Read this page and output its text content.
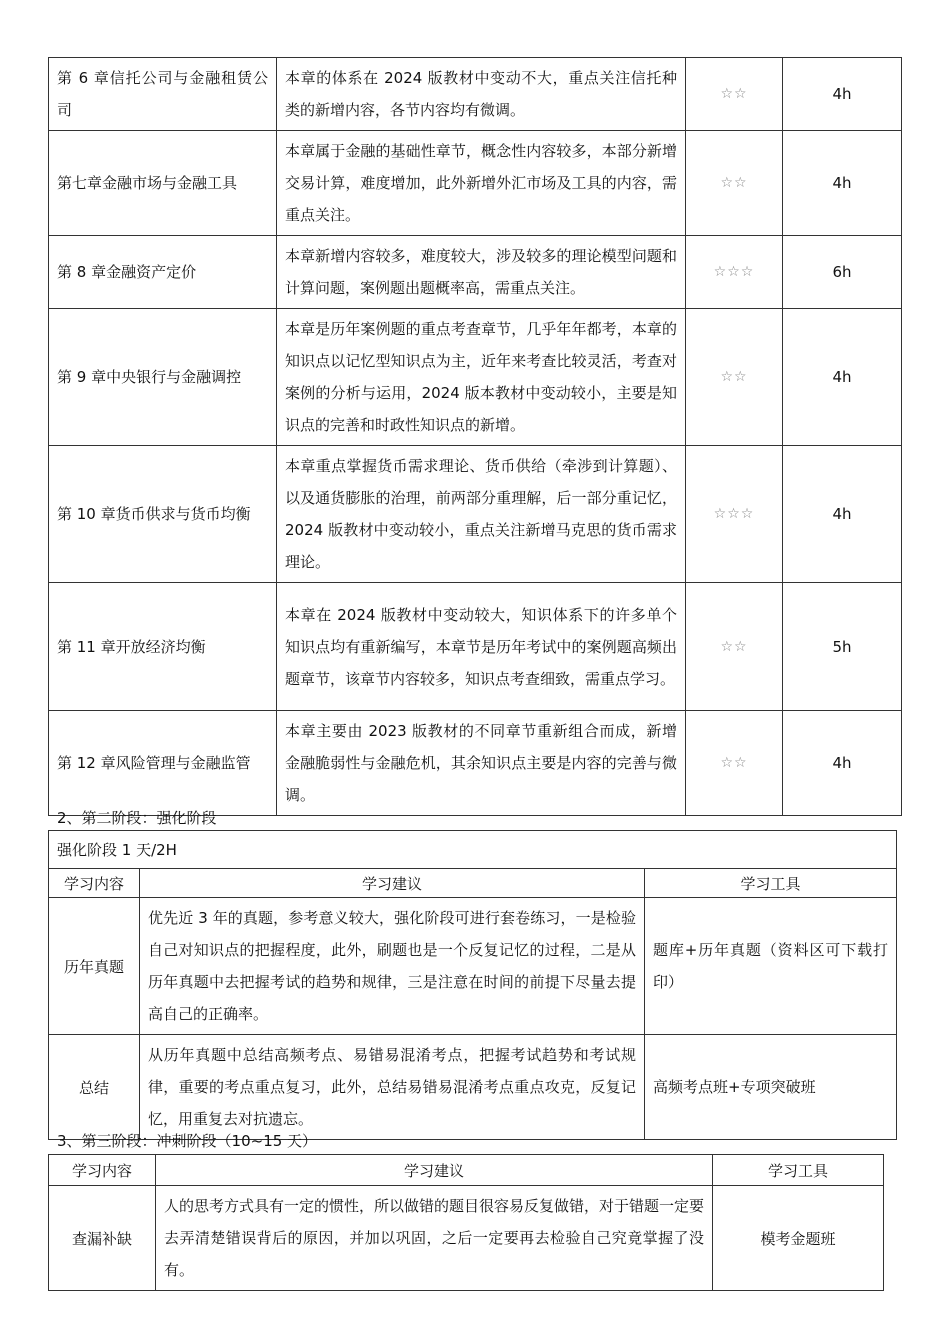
第 6 章信托公司与金融租赁公司	本章的体系在 2024 版教材中变动不大，重点关注信托种类的新增内容，各节内容均有微调。	☆☆	4h
第七章金融市场与金融工具	本章属于金融的基础性章节，概念性内容较多，本部分新增交易计算，难度增加，此外新增外汇市场及工具的内容，需重点关注。	☆☆	4h
第 8 章金融资产定价	本章新增内容较多，难度较大，涉及较多的理论模型问题和计算问题，案例题出题概率高，需重点关注。	☆☆☆	6h
第 9 章中央银行与金融调控	本章是历年案例题的重点考查章节，几乎年年都考，本章的知识点以记忆型知识点为主，近年来考查比较灵活，考查对案例的分析与运用，2024 版本教材中变动较小，主要是知识点的完善和时政性知识点的新增。	☆☆	4h
第 10 章货币供求与货币均衡	本章重点掌握货币需求理论、货币供给（牵涉到计算题）、以及通货膨胀的治理，前两部分重理解，后一部分重记忆，2024 版教材中变动较小，重点关注新增马克思的货币需求理论。	☆☆☆	4h
第 11 章开放经济均衡	本章在 2024 版教材中变动较大，知识体系下的许多单个知识点均有重新编写，本章节是历年考试中的案例题高频出题章节，该章节内容较多，知识点考查细致，需重点学习。	☆☆	5h
第 12 章风险管理与金融监管	本章主要由 2023 版教材的不同章节重新组合而成，新增金融脆弱性与金融危机，其余知识点主要是内容的完善与微调。	☆☆	4h
2、第二阶段：强化阶段
强化阶段 1 天/2H		
学习内容	学习建议	学习工具
历年真题	优先近 3 年的真题，参考意义较大，强化阶段可进行套卷练习，一是检验自己对知识点的把握程度，此外，刷题也是一个反复记忆的过程，二是从历年真题中去把握考试的趋势和规律，三是注意在时间的前提下尽量去提高自己的正确率。	题库+历年真题（资料区可下载打印）
总结	从历年真题中总结高频考点、易错易混淆考点，把握考试趋势和考试规律，重要的考点重点复习，此外，总结易错易混淆考点重点攻克，反复记忆，用重复去对抗遗忘。	高频考点班+专项突破班
3、第三阶段：冲刺阶段（10~15 天）
学习内容	学习建议	学习工具
查漏补缺	人的思考方式具有一定的惯性，所以做错的题目很容易反复做错，对于错题一定要去弄清楚错误背后的原因，并加以巩固，之后一定要再去检验自己究竟掌握了没有。	模考金题班
